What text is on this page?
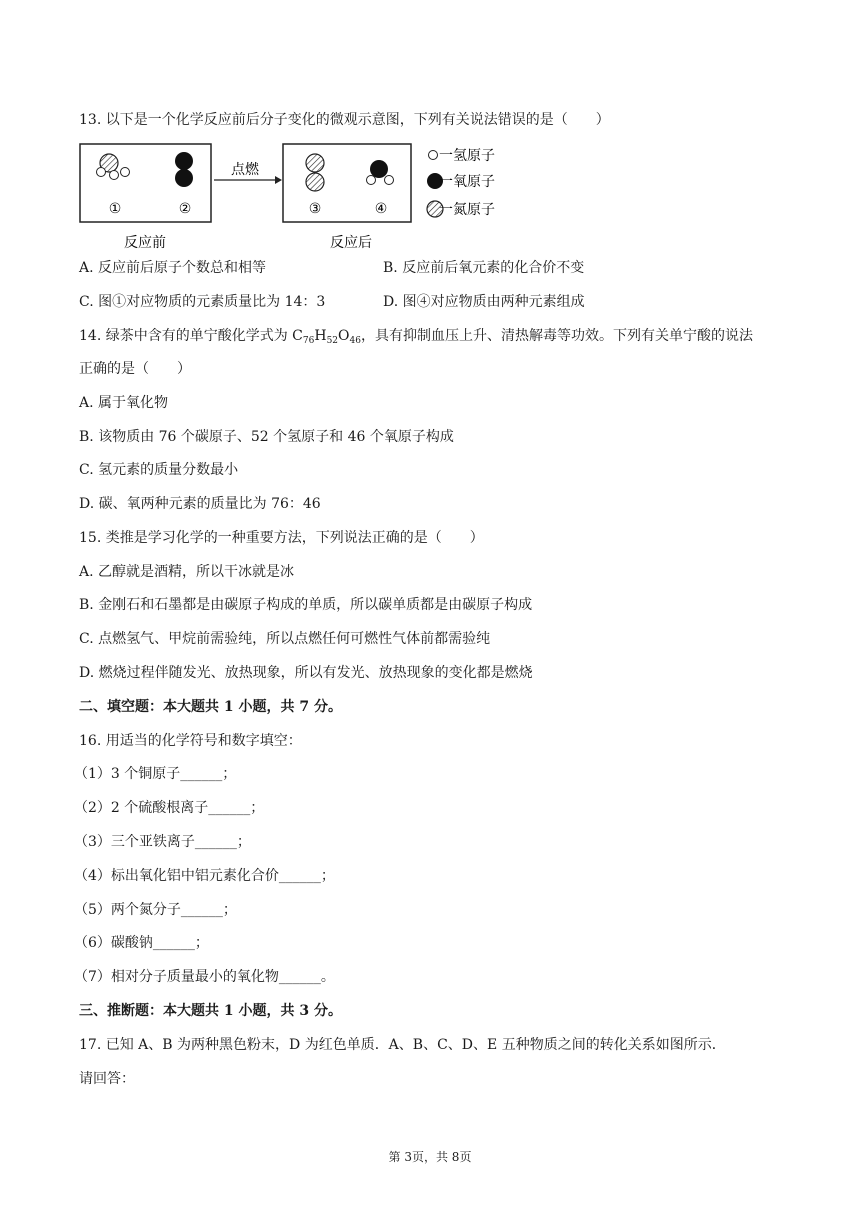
13. 以下是一个化学反应前后分子变化的微观示意图，下列有关说法错误的是（　　）
①	②
反应前
点燃
③	④
反应后
一氢原子
一氧原子
一氮原子
A. 反应前后原子个数总和相等	B. 反应前后氧元素的化合价不变
C. 图①对应物质的元素质量比为 14：3	D. 图④对应物质由两种元素组成
14. 绿茶中含有的单宁酸化学式为 $C_{76}H_{52}O_{46}$，具有抑制血压上升、清热解毒等功效。下列有关单宁酸的说法
正确的是（　　）
A. 属于氧化物
B. 该物质由 76 个碳原子、52 个氢原子和 46 个氧原子构成
C. 氢元素的质量分数最小
D. 碳、氧两种元素的质量比为 76：46
15. 类推是学习化学的一种重要方法，下列说法正确的是（　　）
A. 乙醇就是酒精，所以干冰就是冰
B. 金刚石和石墨都是由碳原子构成的单质，所以碳单质都是由碳原子构成
C. 点燃氢气、甲烷前需验纯，所以点燃任何可燃性气体前都需验纯
D. 燃烧过程伴随发光、放热现象，所以有发光、放热现象的变化都是燃烧
二、填空题：本大题共 1 小题，共 7 分。
16. 用适当的化学符号和数字填空：
（1）3 个铜原子______；
（2）2 个硫酸根离子______；
（3）三个亚铁离子______；
（4）标出氧化铝中铝元素化合价______；
（5）两个氮分子______；
（6）碳酸钠______；
（7）相对分子质量最小的氧化物______。
三、推断题：本大题共 1 小题，共 3 分。
17. 已知 A、B 为两种黑色粉末，D 为红色单质．A、B、C、D、E 五种物质之间的转化关系如图所示．
请回答：
第 3页，共 8页
